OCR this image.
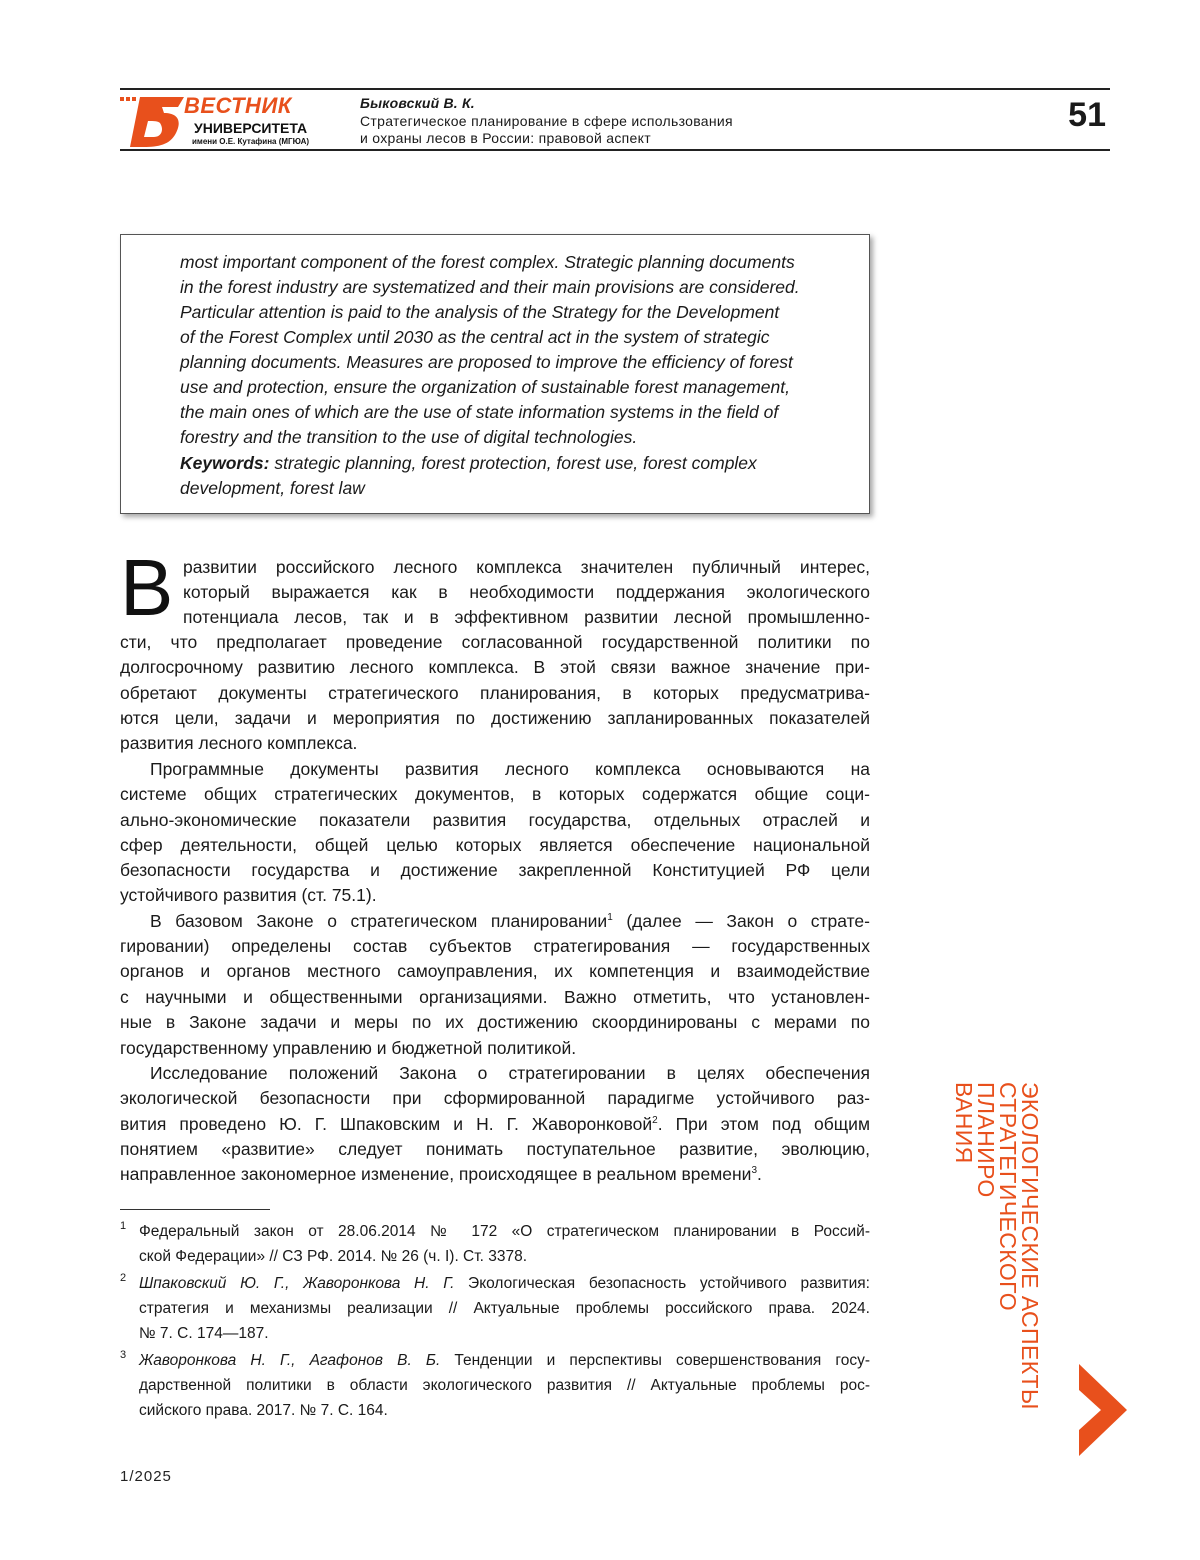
ВЕСТНИК
УНИВЕРСИТЕТА
имени О.Е. Кутафина (МГЮА)
Быковский В. К.
Стратегическое планирование в сфере использования
и охраны лесов в России: правовой аспект
51
most important component of the forest complex. Strategic planning documents
in the forest industry are systematized and their main provisions are considered.
Particular attention is paid to the analysis of the Strategy for the Development
of the Forest Complex until 2030 as the central act in the system of strategic
planning documents. Measures are proposed to improve the efficiency of forest
use and protection, ensure the organization of sustainable forest management,
the main ones of which are the use of state information systems in the field of
forestry and the transition to the use of digital technologies.
Keywords: strategic planning, forest protection, forest use, forest complex
development, forest law
В развитии российского лесного комплекса значителен публичный интерес,
который выражается как в необходимости поддержания экологического
потенциала лесов, так и в эффективном развитии лесной промышленно-
сти, что предполагает проведение согласованной государственной политики по
долгосрочному развитию лесного комплекса. В этой связи важное значение при-
обретают документы стратегического планирования, в которых предусматрива-
ются цели, задачи и мероприятия по достижению запланированных показателей
развития лесного комплекса.
Программные документы развития лесного комплекса основываются на
системе общих стратегических документов, в которых содержатся общие соци-
ально-экономические показатели развития государства, отдельных отраслей и
сфер деятельности, общей целью которых является обеспечение национальной
безопасности государства и достижение закрепленной Конституцией РФ цели
устойчивого развития (ст. 75.1).
В базовом Законе о стратегическом планировании1 (далее — Закон о страте-
гировании) определены состав субъектов стратегирования — государственных
органов и органов местного самоуправления, их компетенция и взаимодействие
с научными и общественными организациями. Важно отметить, что установлен-
ные в Законе задачи и меры по их достижению скоординированы с мерами по
государственному управлению и бюджетной политикой.
Исследование положений Закона о стратегировании в целях обеспечения
экологической безопасности при сформированной парадигме устойчивого раз-
вития проведено Ю. Г. Шпаковским и Н. Г. Жаворонковой2. При этом под общим
понятием «развитие» следует понимать поступательное развитие, эволюцию,
направленное закономерное изменение, происходящее в реальном времени3.
1 Федеральный закон от 28.06.2014 № 172 «О стратегическом планировании в Россий-
ской Федерации» // СЗ РФ. 2014. № 26 (ч. I). Ст. 3378.
2 Шпаковский Ю. Г., Жаворонкова Н. Г. Экологическая безопасность устойчивого развития:
стратегия и механизмы реализации // Актуальные проблемы российского права. 2024.
№ 7. С. 174—187.
3 Жаворонкова Н. Г., Агафонов В. Б. Тенденции и перспективы совершенствования госу-
дарственной политики в области экологического развития // Актуальные проблемы рос-
сийского права. 2017. № 7. С. 164.
1/2025
ЭКОЛОГИЧЕСКИЕ АСПЕКТЫ
СТРАТЕГИЧЕСКОГО ПЛАНИРО
ВАНИЯ
